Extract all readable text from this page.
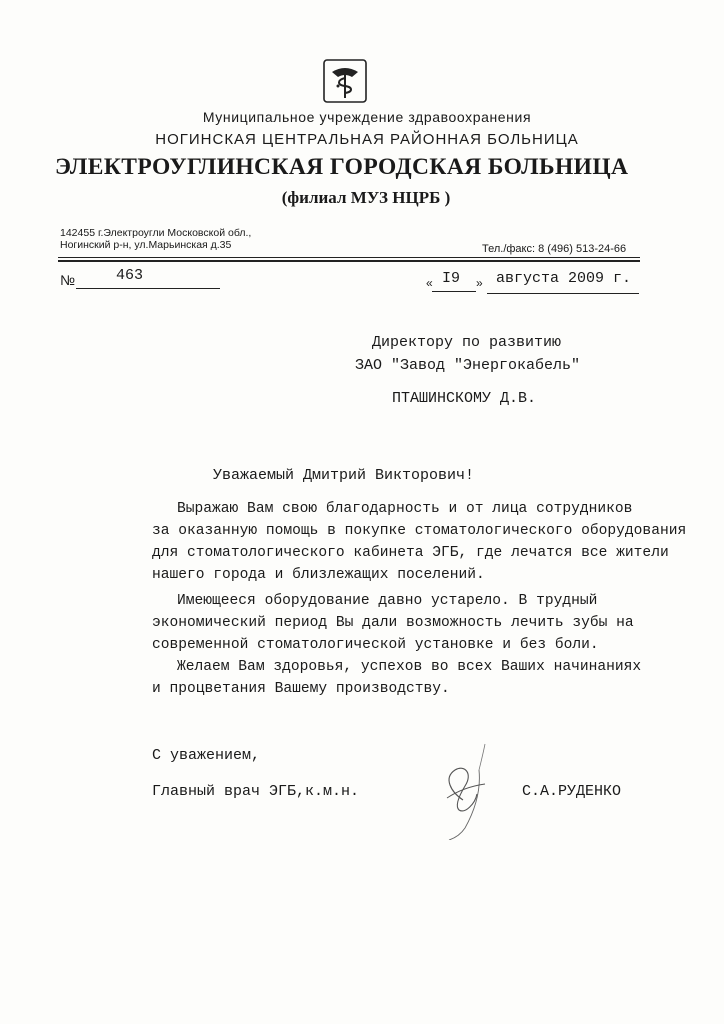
Муниципальное учреждение здравоохранения
НОГИНСКАЯ ЦЕНТРАЛЬНАЯ РАЙОННАЯ БОЛЬНИЦА
ЭЛЕКТРОУГЛИНСКАЯ ГОРОДСКАЯ БОЛЬНИЦА
(филиал МУЗ НЦРБ )
142455 г.Электроугли Московской обл.,
Ногинский р-н, ул.Марьинская д.35	Тел./факс: 8 (496) 513-24-66
№	463	« I9 » августа 2009 г.
Директору по развитию
ЗАО "Завод "Энергокабель"
ПТАШИНСКОМУ Д.В.
Уважаемый Дмитрий Викторович!
Выражаю Вам свою благодарность и от лица сотрудников
за оказанную помощь в покупке стоматологического оборудования
для стоматологического кабинета ЭГБ, где лечатся все жители
нашего города и близлежащих поселений.
Имеющееся оборудование давно устарело. В трудный
экономический период Вы дали возможность лечить зубы на
современной стоматологической установке и без боли.
Желаем Вам здоровья, успехов во всех Ваших начинаниях
и процветания Вашему производству.
С уважением,
Главный врач ЭГБ,к.м.н.	С.А.РУДЕНКО
